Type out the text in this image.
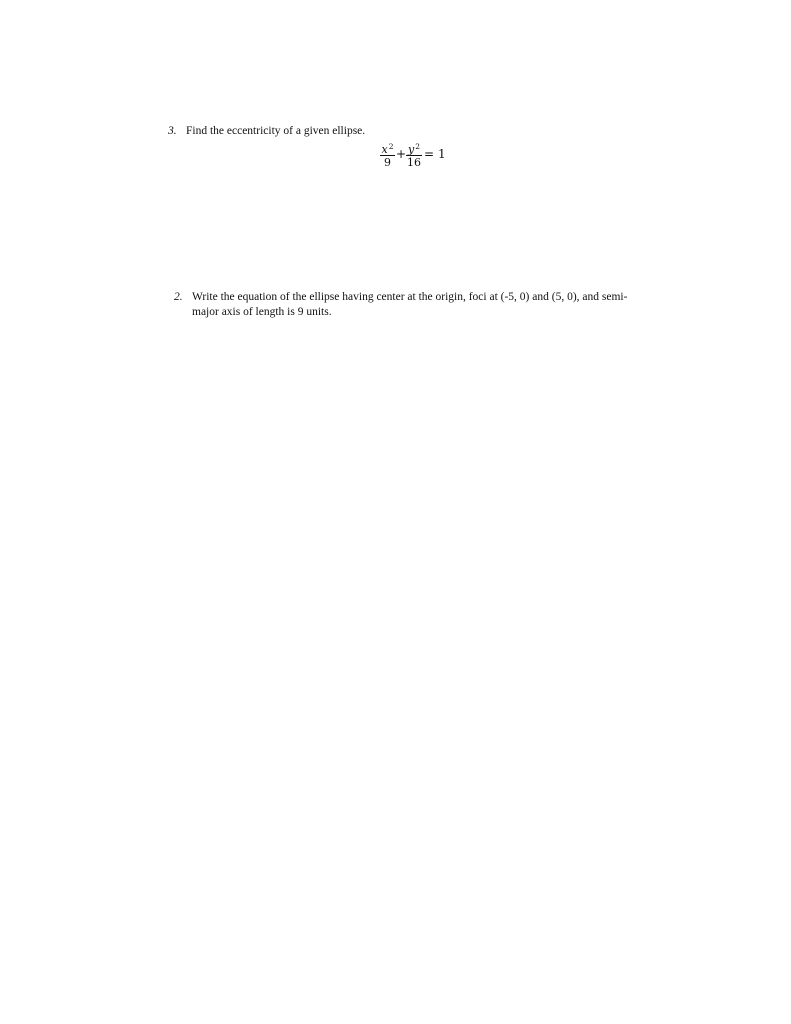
3. Find the eccentricity of a given ellipse.
$x^2$
9
+ $y^2$
16
= 1
2. Write the equation of the ellipse having center at the origin, foci at (-5, 0) and (5, 0), and semi-major axis of length is 9 units.
